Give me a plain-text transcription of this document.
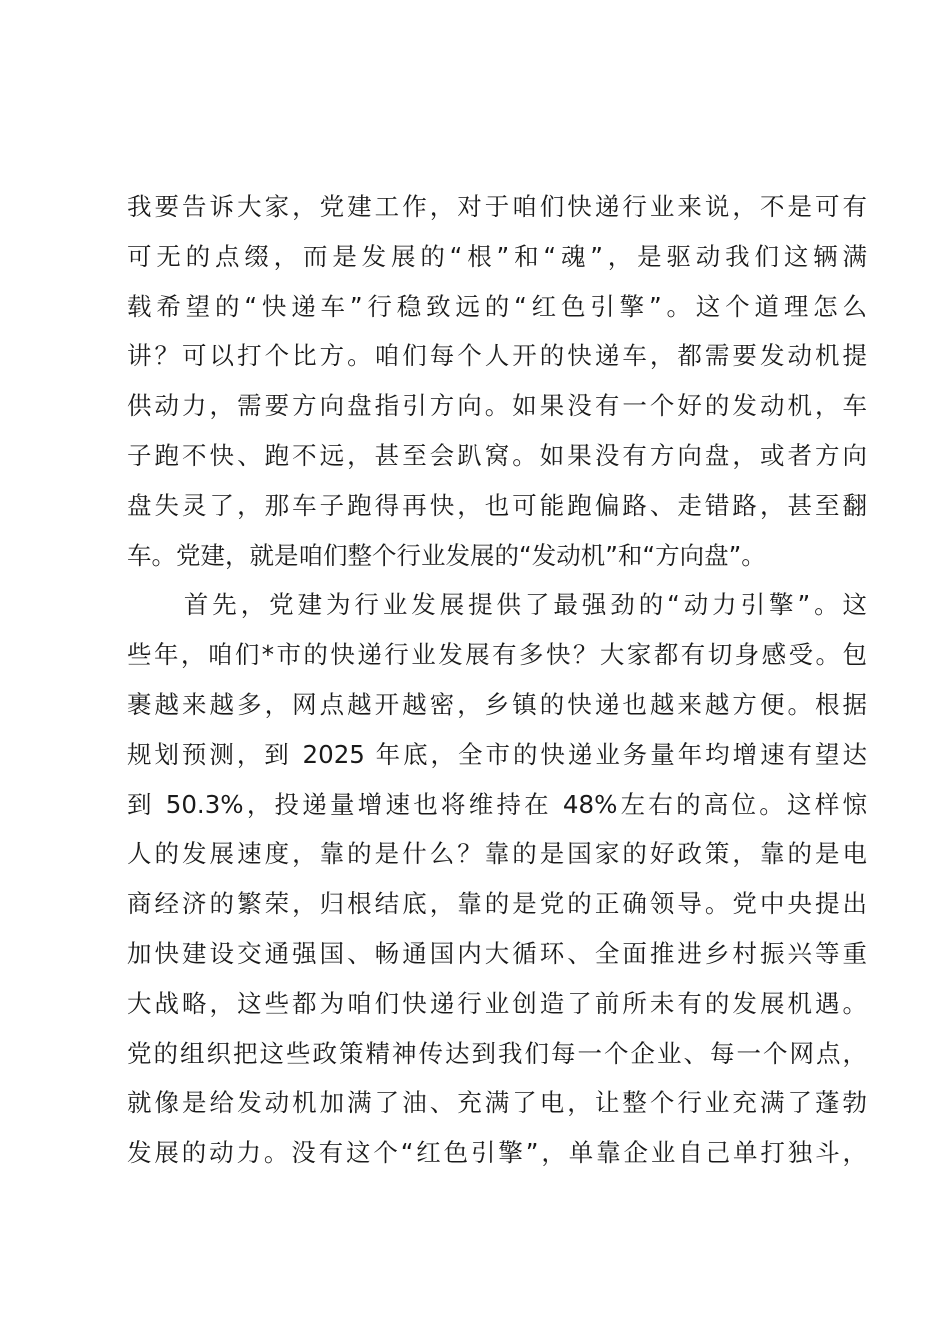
我要告诉大家，党建工作，对于咱们快递行业来说，不是可有
可无的点缀，而是发展的“根”和“魂”，是驱动我们这辆满
载希望的“快递车”行稳致远的“红色引擎”。这个道理怎么
讲？可以打个比方。咱们每个人开的快递车，都需要发动机提
供动力，需要方向盘指引方向。如果没有一个好的发动机，车
子跑不快、跑不远，甚至会趴窝。如果没有方向盘，或者方向
盘失灵了，那车子跑得再快，也可能跑偏路、走错路，甚至翻
车。党建，就是咱们整个行业发展的“发动机”和“方向盘”。
　　首先，党建为行业发展提供了最强劲的“动力引擎”。这
些年，咱们*市的快递行业发展有多快？大家都有切身感受。包
裹越来越多，网点越开越密，乡镇的快递也越来越方便。根据
规划预测，到 2025 年底，全市的快递业务量年均增速有望达
到 50.3%，投递量增速也将维持在 48%左右的高位。这样惊
人的发展速度，靠的是什么？靠的是国家的好政策，靠的是电
商经济的繁荣，归根结底，靠的是党的正确领导。党中央提出
加快建设交通强国、畅通国内大循环、全面推进乡村振兴等重
大战略，这些都为咱们快递行业创造了前所未有的发展机遇。
党的组织把这些政策精神传达到我们每一个企业、每一个网点，
就像是给发动机加满了油、充满了电，让整个行业充满了蓬勃
发展的动力。没有这个“红色引擎”，单靠企业自己单打独斗，
